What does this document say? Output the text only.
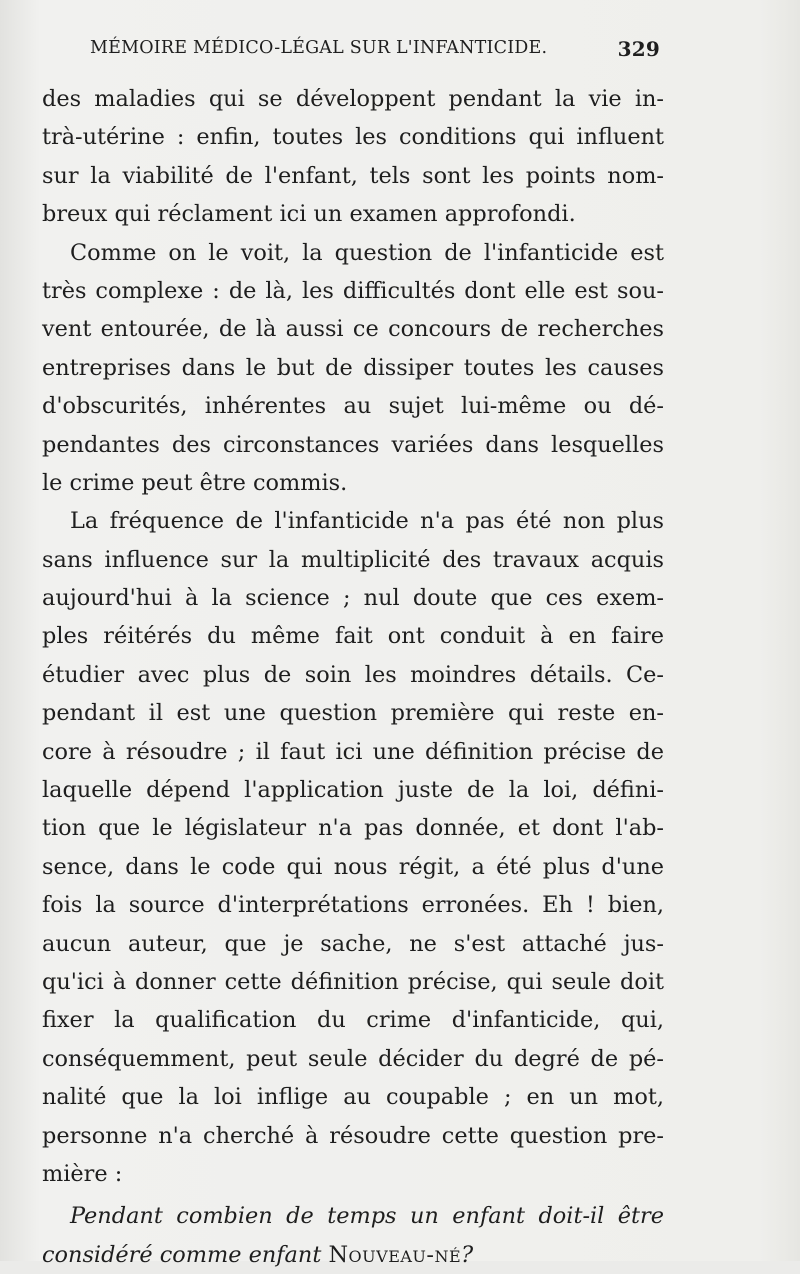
MÉMOIRE MÉDICO-LÉGAL SUR L'INFANTICIDE.	329
des maladies qui se développent pendant la vie in-
trà-utérine : enfin, toutes les conditions qui influent
sur la viabilité de l'enfant, tels sont les points nom-
breux qui réclament ici un examen approfondi.
Comme on le voit, la question de l'infanticide est
très complexe : de là, les difficultés dont elle est sou-
vent entourée, de là aussi ce concours de recherches
entreprises dans le but de dissiper toutes les causes
d'obscurités, inhérentes au sujet lui-même ou dé-
pendantes des circonstances variées dans lesquelles
le crime peut être commis.
La fréquence de l'infanticide n'a pas été non plus
sans influence sur la multiplicité des travaux acquis
aujourd'hui à la science ; nul doute que ces exem-
ples réitérés du même fait ont conduit à en faire
étudier avec plus de soin les moindres détails. Ce-
pendant il est une question première qui reste en-
core à résoudre ; il faut ici une définition précise de
laquelle dépend l'application juste de la loi, défini-
tion que le législateur n'a pas donnée, et dont l'ab-
sence, dans le code qui nous régit, a été plus d'une
fois la source d'interprétations erronées. Eh ! bien,
aucun auteur, que je sache, ne s'est attaché jus-
qu'ici à donner cette définition précise, qui seule doit
fixer la qualification du crime d'infanticide, qui,
conséquemment, peut seule décider du degré de pé-
nalité que la loi inflige au coupable ; en un mot,
personne n'a cherché à résoudre cette question pre-
mière :
Pendant combien de temps un enfant doit-il être
considéré comme enfant Nouveau-né?
